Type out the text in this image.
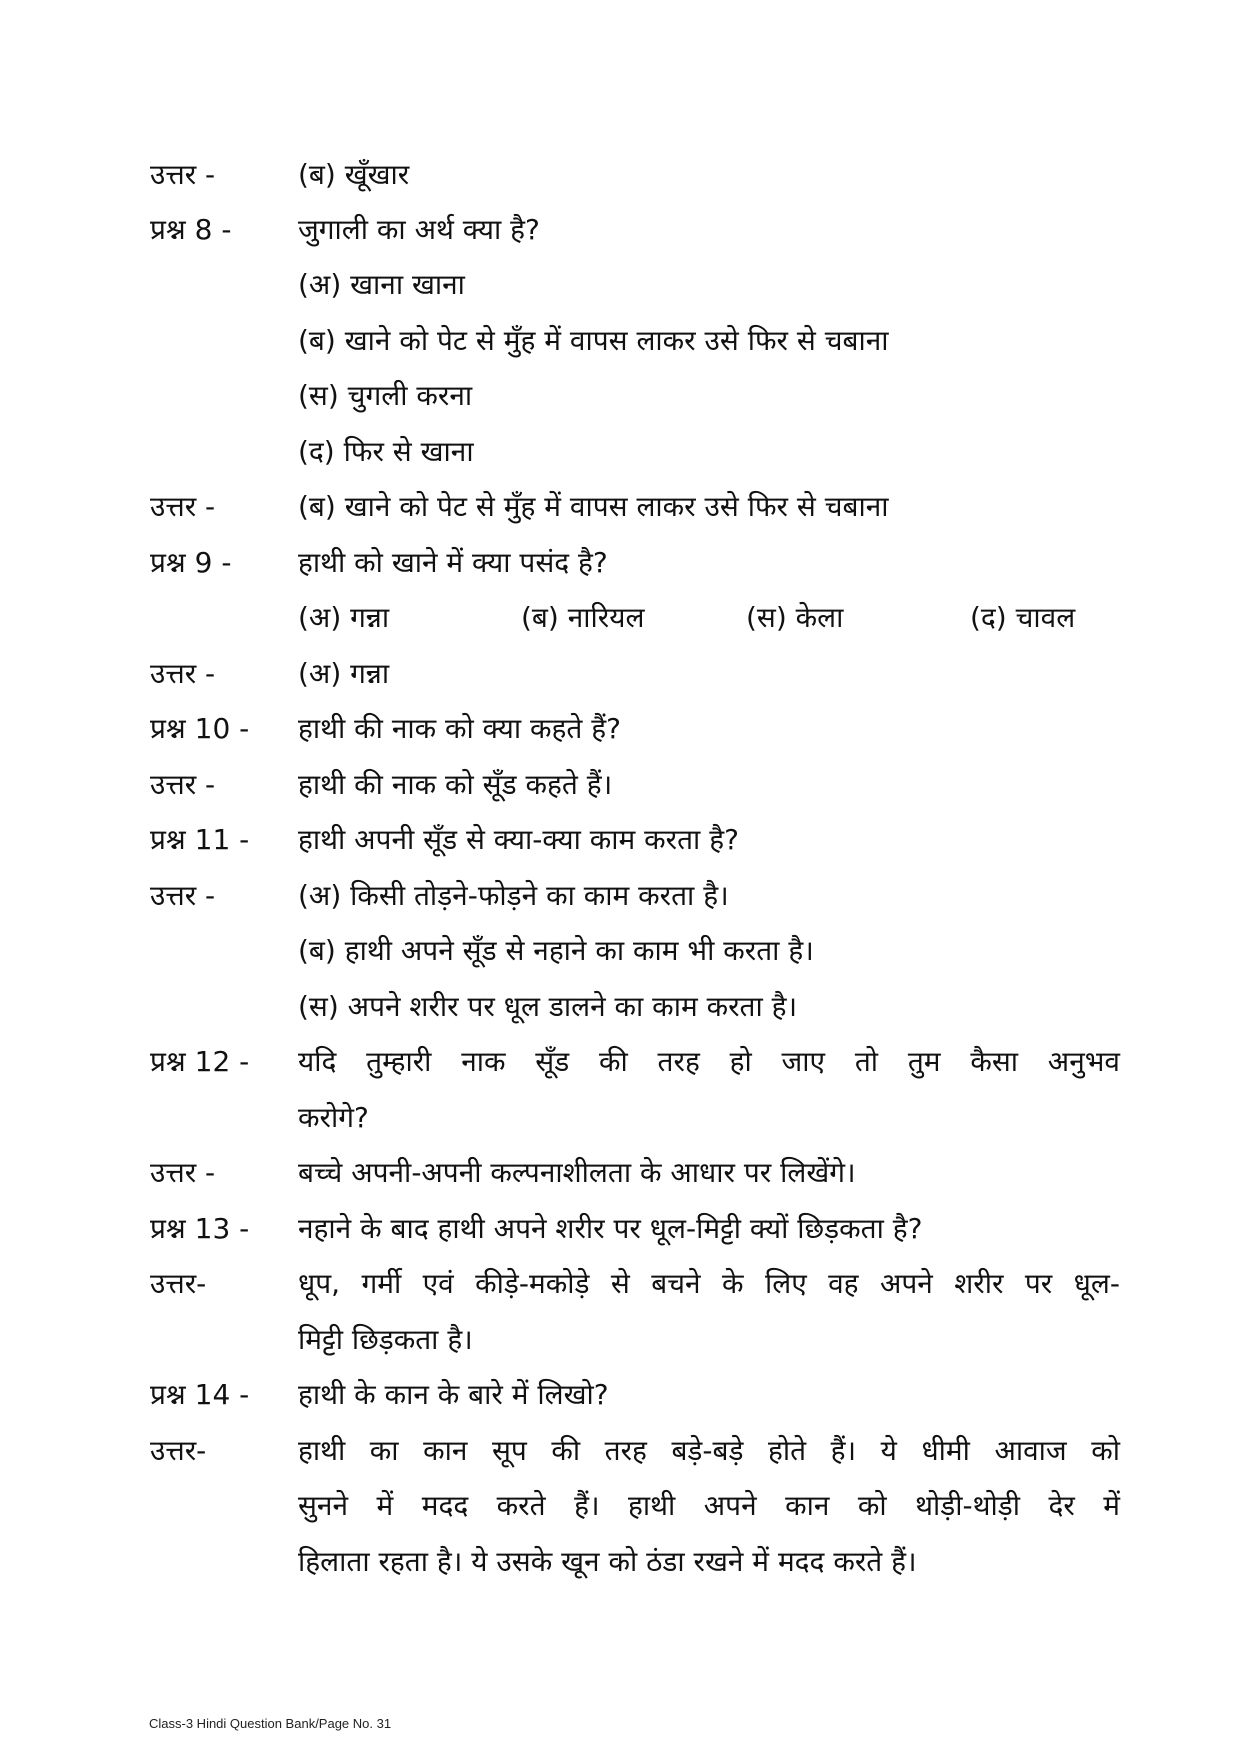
उत्तर -	(ब) खूँखार
प्रश्न 8 -	जुगाली का अर्थ क्या है?
(अ) खाना खाना
(ब) खाने को पेट से मुँह में वापस लाकर उसे फिर से चबाना
(स) चुगली करना
(द) फिर से खाना
उत्तर -	(ब) खाने को पेट से मुँह में वापस लाकर उसे फिर से चबाना
प्रश्न 9 -	हाथी को खाने में क्या पसंद है?
(अ) गन्ना	(ब) नारियल	(स) केला	(द) चावल
उत्तर -	(अ) गन्ना
प्रश्न 10 -	हाथी की नाक को क्या कहते हैं?
उत्तर -	हाथी की नाक को सूँड कहते हैं।
प्रश्न 11 -	हाथी अपनी सूँड से क्या-क्या काम करता है?
उत्तर -	(अ) किसी तोड़ने-फोड़ने का काम करता है।
(ब) हाथी अपने सूँड से नहाने का काम भी करता है।
(स) अपने शरीर पर धूल डालने का काम करता है।
प्रश्न 12 -	यदि तुम्हारी नाक सूँड की तरह हो जाए तो तुम कैसा अनुभव
करोगे?
उत्तर -	बच्चे अपनी-अपनी कल्पनाशीलता के आधार पर लिखेंगे।
प्रश्न 13 -	नहाने के बाद हाथी अपने शरीर पर धूल-मिट्टी क्यों छिड़कता है?
उत्तर-	धूप, गर्मी एवं कीड़े-मकोड़े से बचने के लिए वह अपने शरीर पर धूल-
मिट्टी छिड़कता है।
प्रश्न 14 -	हाथी के कान के बारे में लिखो?
उत्तर-	हाथी का कान सूप की तरह बड़े-बड़े होते हैं। ये धीमी आवाज को
सुनने में मदद करते हैं। हाथी अपने कान को थोड़ी-थोड़ी देर में
हिलाता रहता है। ये उसके खून को ठंडा रखने में मदद करते हैं।
Class-3 Hindi Question Bank/Page No. 31
